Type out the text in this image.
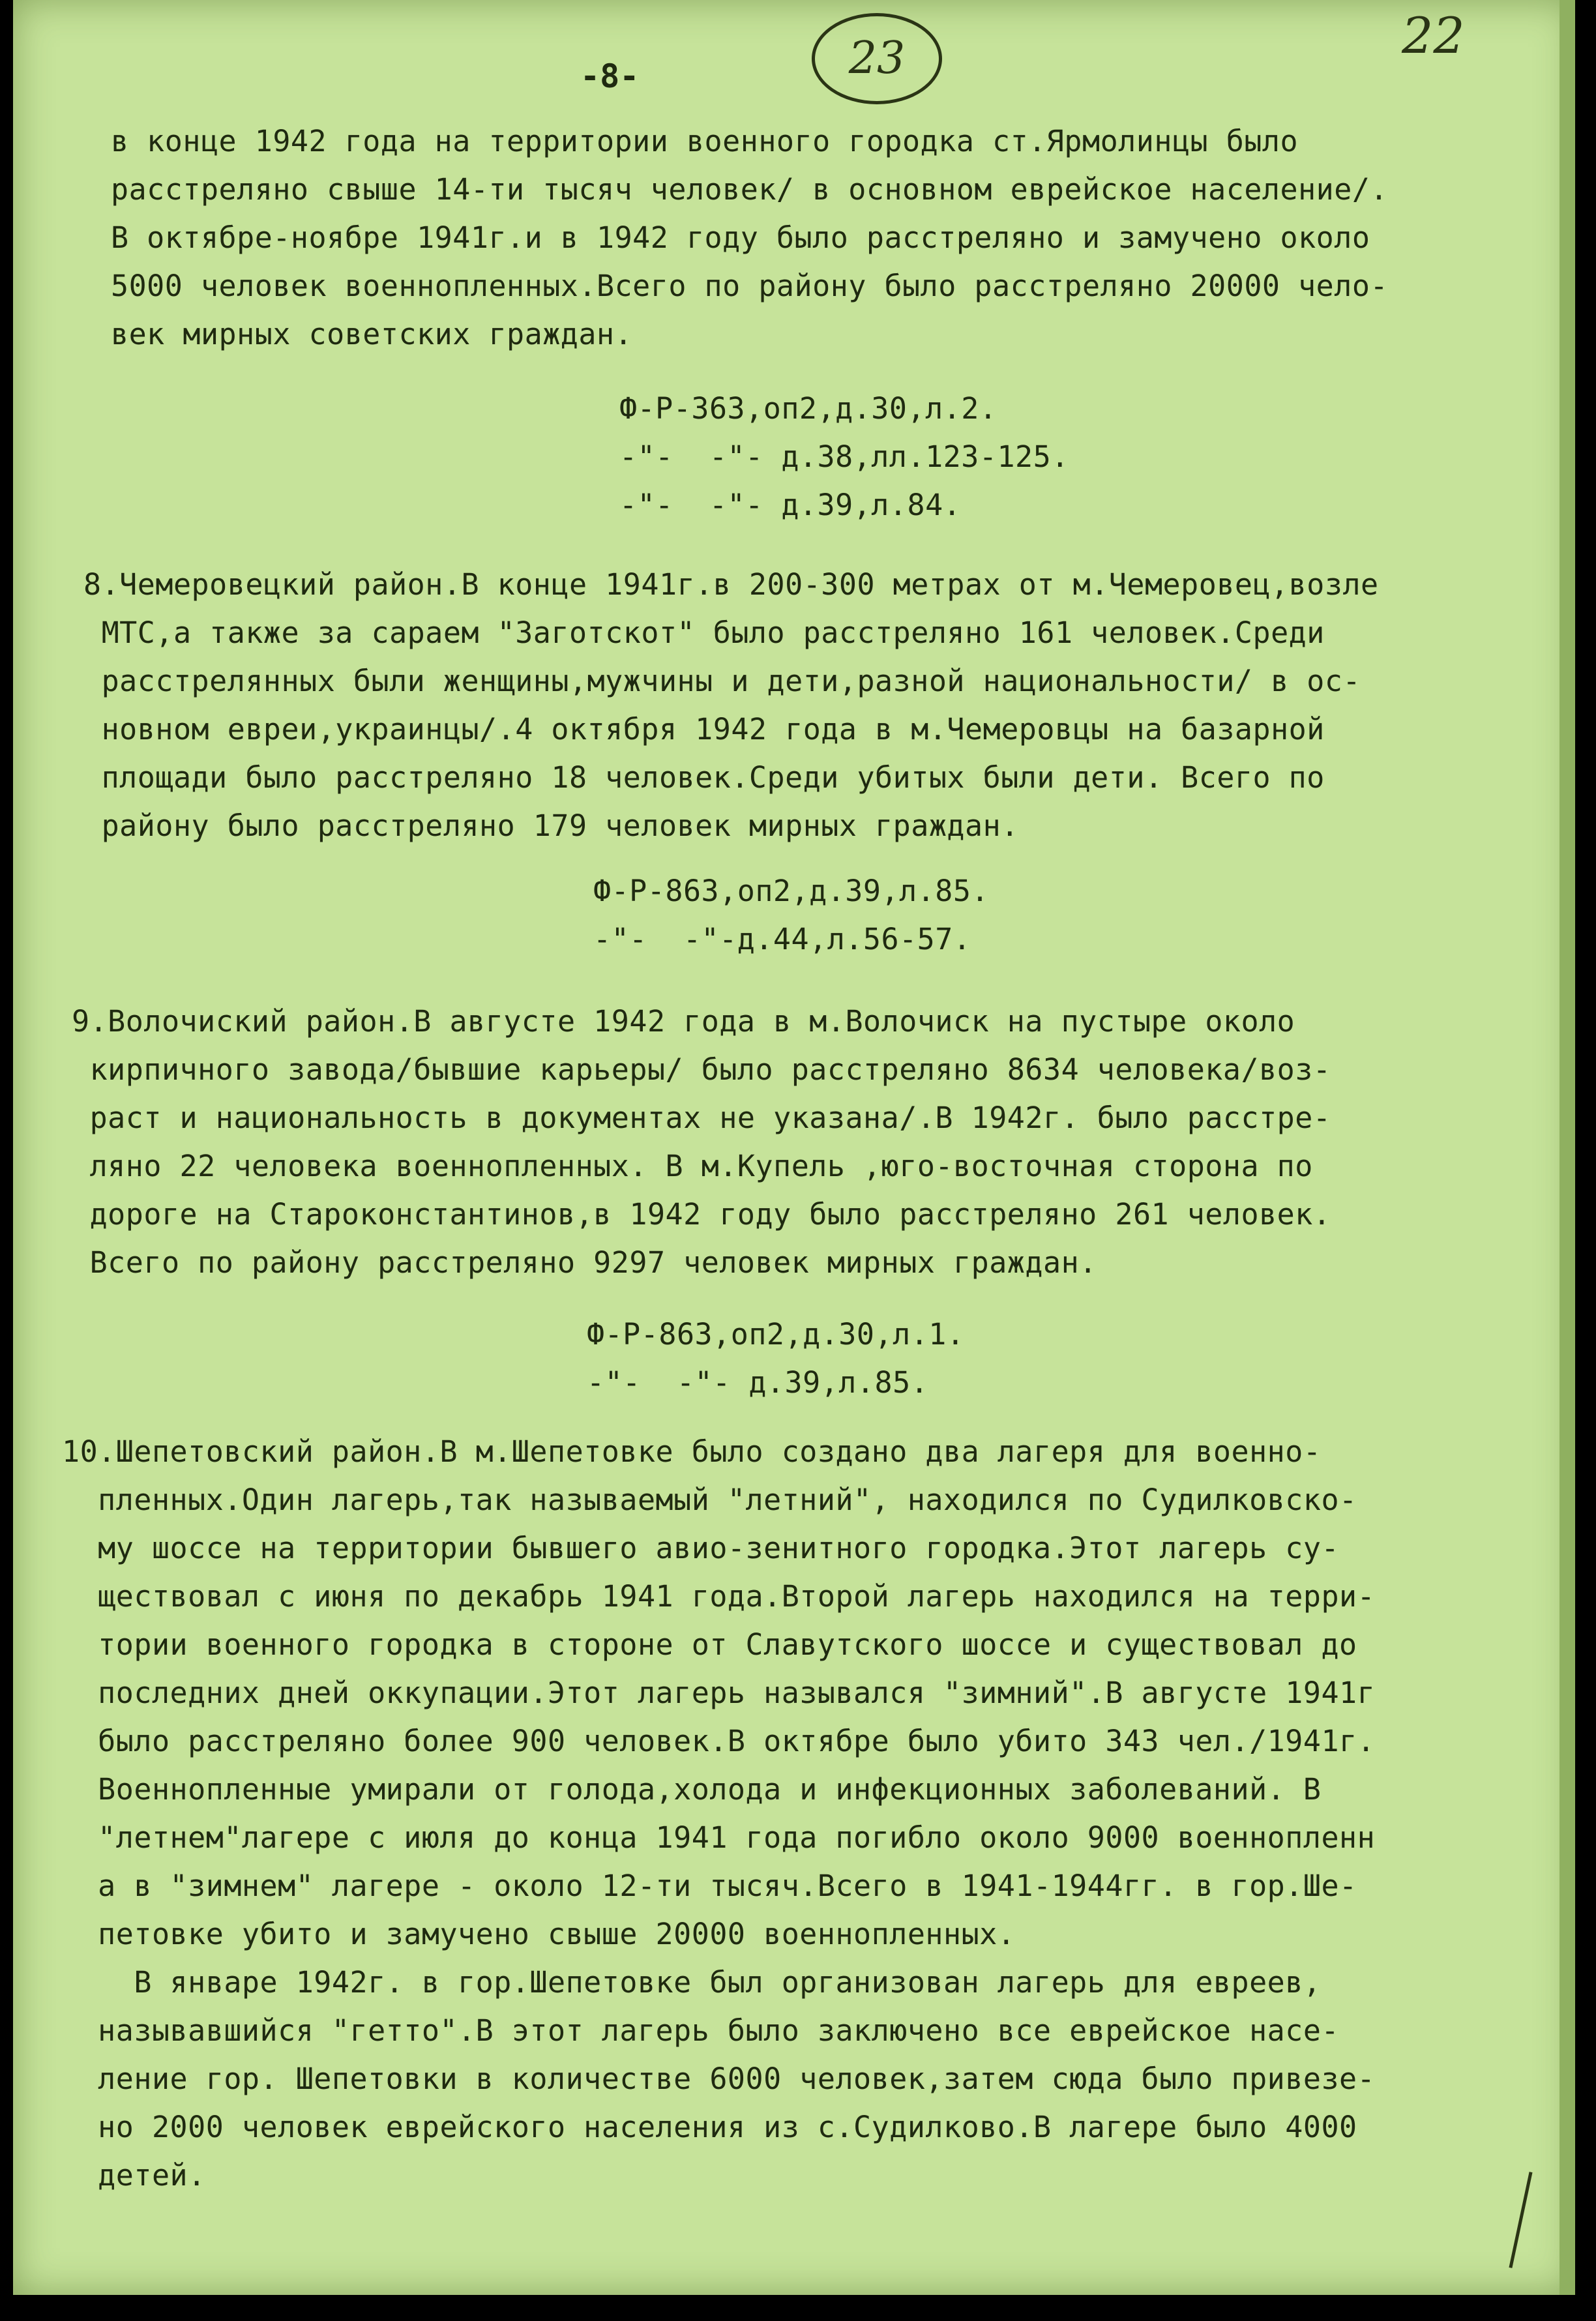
-8-	23	22
в конце 1942 года на территории военного городка ст.Ярмолинцы было
расстреляно свыше 14-ти тысяч человек/ в основном еврейское население/.
В октябре-ноябре 1941г.и в 1942 году было расстреляно и замучено около
5000 человек военнопленных.Всего по району было расстреляно 20000 чело-
век мирных советских граждан.
Ф-Р-363,оп2,д.30,л.2.
-"-  -"- д.38,лл.123-125.
-"-  -"- д.39,л.84.
8.Чемеровецкий район.В конце 1941г.в 200-300 метрах от м.Чемеровец,возле
МТС,а также за сараем "Заготскот" было расстреляно 161 человек.Среди
расстрелянных были женщины,мужчины и дети,разной национальности/ в ос-
новном евреи,украинцы/.4 октября 1942 года в м.Чемеровцы на базарной
площади было расстреляно 18 человек.Среди убитых были дети. Всего по
району было расстреляно 179 человек мирных граждан.
Ф-Р-863,оп2,д.39,л.85.
-"-  -"-д.44,л.56-57.
9.Волочиский район.В августе 1942 года в м.Волочиск на пустыре около
кирпичного завода/бывшие карьеры/ было расстреляно 8634 человека/воз-
раст и национальность в документах не указана/.В 1942г. было расстре-
ляно 22 человека военнопленных. В м.Купель ,юго-восточная сторона по
дороге на Староконстантинов,в 1942 году было расстреляно 261 человек.
Всего по району расстреляно 9297 человек мирных граждан.
Ф-Р-863,оп2,д.30,л.1.
-"-  -"- д.39,л.85.
10.Шепетовский район.В м.Шепетовке было создано два лагеря для военно-
пленных.Один лагерь,так называемый "летний", находился по Судилковско-
му шоссе на территории бывшего авио-зенитного городка.Этот лагерь су-
ществовал с июня по декабрь 1941 года.Второй лагерь находился на терри-
тории военного городка в стороне от Славутского шоссе и существовал до
последних дней оккупации.Этот лагерь назывался "зимний".В августе 1941г
было расстреляно более 900 человек.В октябре было убито 343 чел./1941г.
Военнопленные умирали от голода,холода и инфекционных заболеваний. В
"летнем"лагере с июля до конца 1941 года погибло около 9000 военнопленн
а в "зимнем" лагере - около 12-ти тысяч.Всего в 1941-1944гг. в гор.Ше-
петовке убито и замучено свыше 20000 военнопленных.
В январе 1942г. в гор.Шепетовке был организован лагерь для евреев,
называвшийся "гетто".В этот лагерь было заключено все еврейское насе-
ление гор. Шепетовки в количестве 6000 человек,затем сюда было привезе-
но 2000 человек еврейского населения из с.Судилково.В лагере было 4000
детей.
